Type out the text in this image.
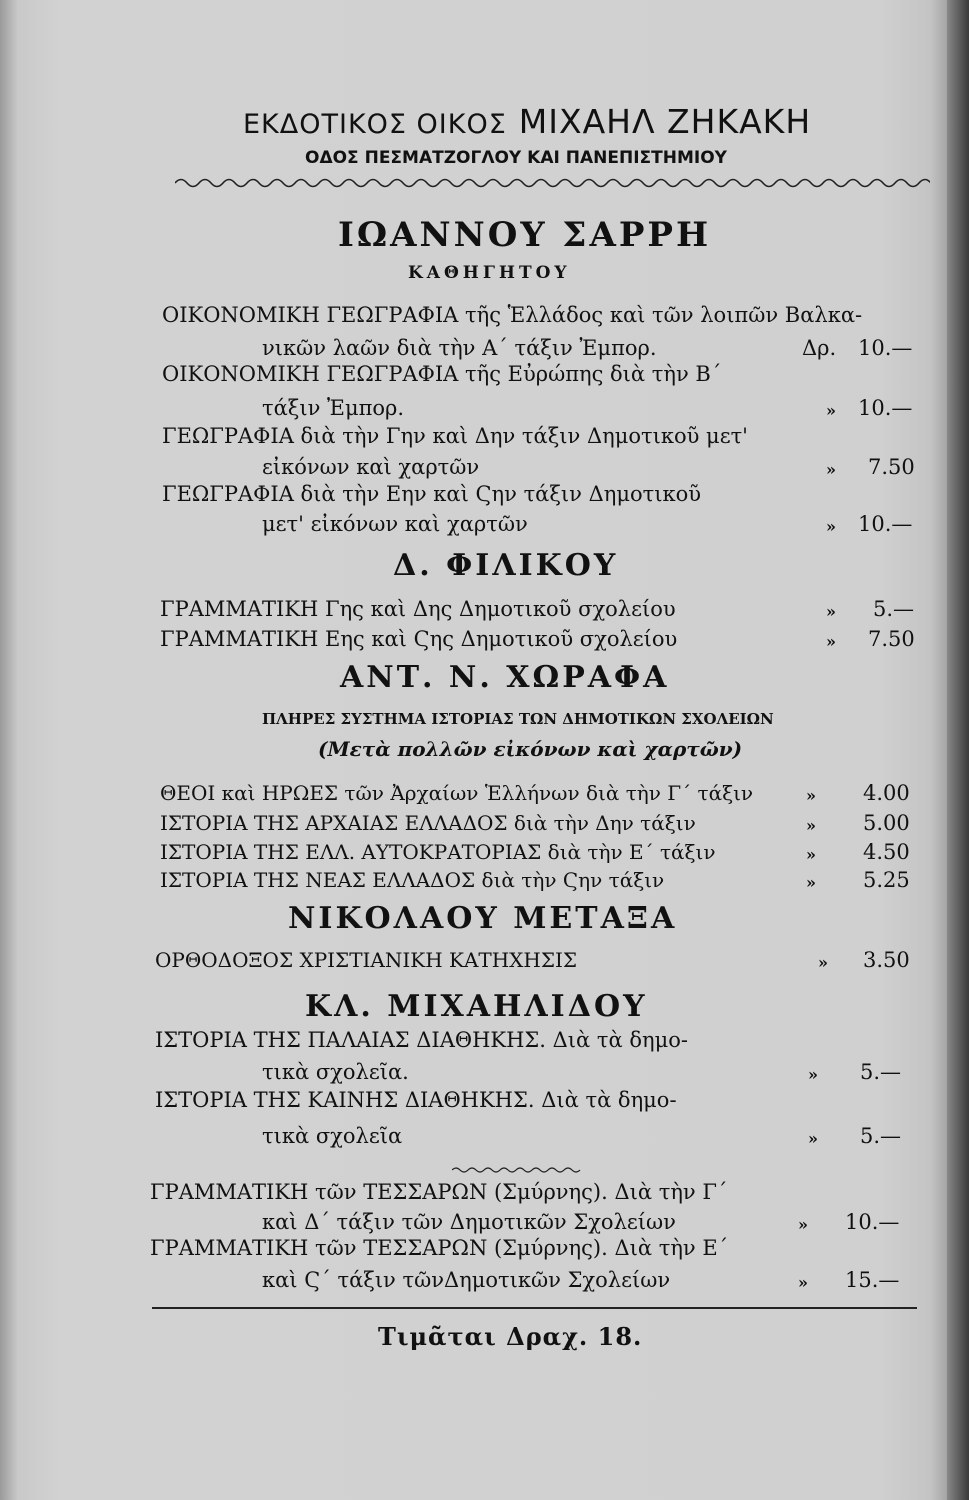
ΕΚΔΟΤΙΚΟΣ ΟΙΚΟΣ ΜΙΧΑΗΛ ΖΗΚΑΚΗ
ΟΔΟΣ ΠΕΣΜΑΤΖΟΓΛΟΥ ΚΑΙ ΠΑΝΕΠΙΣΤΗΜΙΟΥ
ΙΩΑΝΝΟΥ ΣΑΡΡΗ
ΚΑΘΗΓΗΤΟΥ
ΟΙΚΟΝΟΜΙΚΗ ΓΕΩΓΡΑΦΙΑ τῆς Ἑλλάδος καὶ τῶν λοιπῶν Βαλκα-
νικῶν λαῶν διὰ τὴν Α΄ τάξιν Ἐμπορ.	Δρ. 10.—
ΟΙΚΟΝΟΜΙΚΗ ΓΕΩΓΡΑΦΙΑ τῆς Εὐρώπης διὰ τὴν Β΄
τάξιν Ἐμπορ.	» 10.—
ΓΕΩΓΡΑΦΙΑ διὰ τὴν Γην καὶ Δην τάξιν Δημοτικοῦ μετ'
εἰκόνων καὶ χαρτῶν	» 7.50
ΓΕΩΓΡΑΦΙΑ διὰ τὴν Εην καὶ Ϛην τάξιν Δημοτικοῦ
μετ' εἰκόνων καὶ χαρτῶν	» 10.—
Δ. ΦΙΛΙΚΟΥ
ΓΡΑΜΜΑΤΙΚΗ Γης καὶ Δης Δημοτικοῦ σχολείου	» 5.—
ΓΡΑΜΜΑΤΙΚΗ Εης καὶ Ϛης Δημοτικοῦ σχολείου	» 7.50
ΑΝΤ. Ν. ΧΩΡΑΦΑ
ΠΛΗΡΕΣ ΣΥΣΤΗΜΑ ΙΣΤΟΡΙΑΣ ΤΩΝ ΔΗΜΟΤΙΚΩΝ ΣΧΟΛΕΙΩΝ
(Μετὰ πολλῶν εἰκόνων καὶ χαρτῶν)
ΘΕΟΙ καὶ ΗΡΩΕΣ τῶν Ἀρχαίων Ἑλλήνων διὰ τὴν Γ΄ τάξιν	» 4.00
ΙΣΤΟΡΙΑ ΤΗΣ ΑΡΧΑΙΑΣ ΕΛΛΑΔΟΣ διὰ τὴν Δην τάξιν	» 5.00
ΙΣΤΟΡΙΑ ΤΗΣ ΕΛΛ. ΑΥΤΟΚΡΑΤΟΡΙΑΣ διὰ τὴν Ε΄ τάξιν	» 4.50
ΙΣΤΟΡΙΑ ΤΗΣ ΝΕΑΣ ΕΛΛΑΔΟΣ διὰ τὴν Ϛην τάξιν	» 5.25
ΝΙΚΟΛΑΟΥ ΜΕΤΑΞΑ
ΟΡΘΟΔΟΞΟΣ ΧΡΙΣΤΙΑΝΙΚΗ ΚΑΤΗΧΗΣΙΣ	» 3.50
ΚΛ. ΜΙΧΑΗΛΙΔΟΥ
ΙΣΤΟΡΙΑ ΤΗΣ ΠΑΛΑΙΑΣ ΔΙΑΘΗΚΗΣ. Διὰ τὰ δημο-
τικὰ σχολεῖα.	» 5.—
ΙΣΤΟΡΙΑ ΤΗΣ ΚΑΙΝΗΣ ΔΙΑΘΗΚΗΣ. Διὰ τὰ δημο-
τικὰ σχολεῖα	» 5.—
ΓΡΑΜΜΑΤΙΚΗ τῶν ΤΕΣΣΑΡΩΝ (Σμύρνης). Διὰ τὴν Γ΄
καὶ Δ΄ τάξιν τῶν Δημοτικῶν Σχολείων	» 10.—
ΓΡΑΜΜΑΤΙΚΗ τῶν ΤΕΣΣΑΡΩΝ (Σμύρνης). Διὰ τὴν Ε΄
καὶ Ϛ΄ τάξιν τῶνΔημοτικῶν Σχολείων	» 15.—
Τιμᾶται Δραχ. 18.
